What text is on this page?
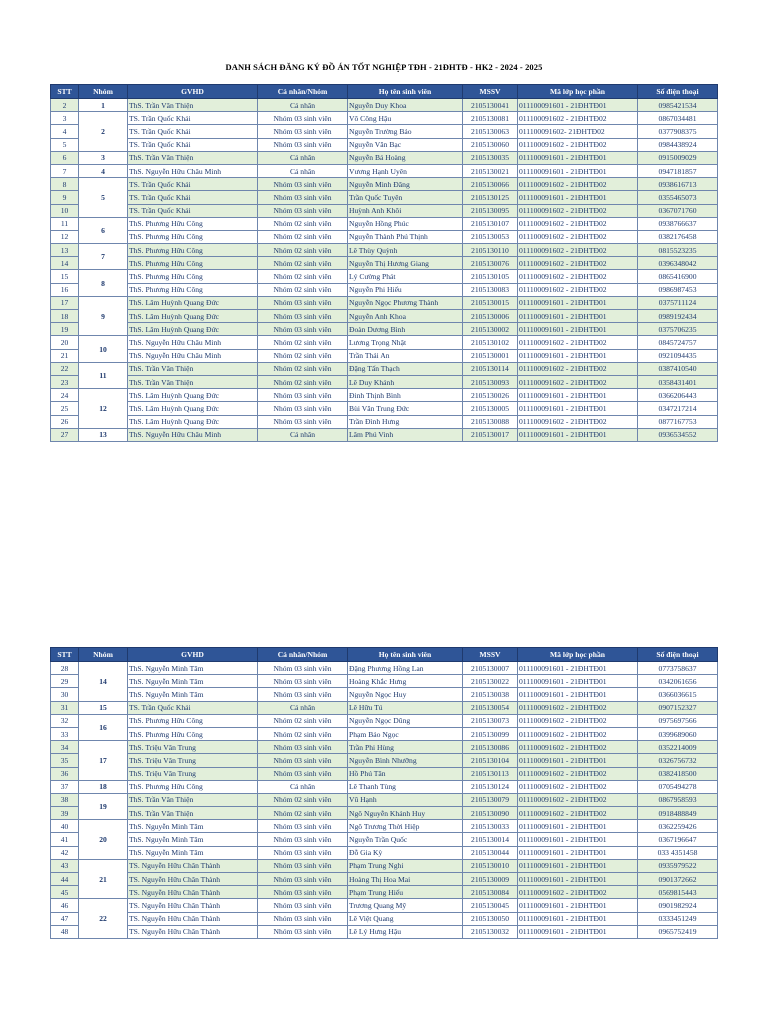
DANH SÁCH ĐĂNG KÝ ĐỒ ÁN TỐT NGHIỆP TĐH - 21ĐHTĐ - HK2 - 2024 - 2025
STT	Nhóm	GVHD	Cá nhân/Nhóm	Họ tên sinh viên	MSSV	Mã lớp học phần	Số điện thoại
2	1	ThS. Trần Văn Thiện	Cá nhân	Nguyễn Duy Khoa	2105130041	011100091601 - 21ĐHTĐ01	0985421534
3	2	TS. Trần Quốc Khải	Nhóm 03 sinh viên	Võ Công Hậu	2105130081	011100091602 - 21ĐHTĐ02	0867034481
4		TS. Trần Quốc Khải	Nhóm 03 sinh viên	Nguyễn Trường Bảo	2105130063	011100091602- 21ĐHTĐ02	0377908375
5		TS. Trần Quốc Khải	Nhóm 03 sinh viên	Nguyễn Văn Bạc	2105130060	011100091602 - 21ĐHTĐ02	0984438924
6	3	ThS. Trần Văn Thiện	Cá nhân	Nguyễn Bá Hoàng	2105130035	011100091601 - 21ĐHTĐ01	0915009029
7	4	ThS. Nguyễn Hữu Châu Minh	Cá nhân	Vương Hạnh Uyên	2105130021	011100091601 - 21ĐHTĐ01	0947181857
8	5	TS. Trần Quốc Khải	Nhóm 03 sinh viên	Nguyễn Minh Đăng	2105130066	011100091602 - 21ĐHTĐ02	0938616713
9		TS. Trần Quốc Khải	Nhóm 03 sinh viên	Trần Quốc Tuyên	2105130125	011100091601 - 21ĐHTĐ01	0355465073
10		TS. Trần Quốc Khải	Nhóm 03 sinh viên	Huỳnh Anh Khôi	2105130095	011100091602 - 21ĐHTĐ02	0367071760
11	6	ThS. Phương Hữu Công	Nhóm 02 sinh viên	Nguyễn Hồng Phúc	2105130107	011100091602 - 21ĐHTĐ02	0938766637
12		ThS. Phương Hữu Công	Nhóm 02 sinh viên	Nguyễn Thành Phú Thịnh	2105130053	011100091602 - 21ĐHTĐ02	0382176458
13	7	ThS. Phương Hữu Công	Nhóm 02 sinh viên	Lê Thùy Quỳnh	2105130110	011100091602 - 21ĐHTĐ02	0815523235
14		ThS. Phương Hữu Công	Nhóm 02 sinh viên	Nguyễn Thị Hương Giang	2105130076	011100091602 - 21ĐHTĐ02	0396348042
15	8	ThS. Phương Hữu Công	Nhóm 02 sinh viên	Lý Cường Phát	2105130105	011100091602 - 21ĐHTĐ02	0865416900
16		ThS. Phương Hữu Công	Nhóm 02 sinh viên	Nguyễn Phi Hiếu	2105130083	011100091602 - 21ĐHTĐ02	0986987453
17	9	ThS. Lâm Huỳnh Quang Đức	Nhóm 03 sinh viên	Nguyễn Ngọc Phương Thành	2105130015	011100091601 - 21ĐHTĐ01	0375711124
18		ThS. Lâm Huỳnh Quang Đức	Nhóm 03 sinh viên	Nguyễn Anh Khoa	2105130006	011100091601 - 21ĐHTĐ01	0989192434
19		ThS. Lâm Huỳnh Quang Đức	Nhóm 03 sinh viên	Đoàn Dương Bình	2105130002	011100091601 - 21ĐHTĐ01	0375706235
20	10	ThS. Nguyễn Hữu Châu Minh	Nhóm 02 sinh viên	Lương Trọng Nhật	2105130102	011100091602 - 21ĐHTĐ02	0845724757
21		ThS. Nguyễn Hữu Châu Minh	Nhóm 02 sinh viên	Trần Thái An	2105130001	011100091601 - 21ĐHTĐ01	0921094435
22	11	ThS. Trần Văn Thiện	Nhóm 02 sinh viên	Đặng Tấn Thạch	2105130114	011100091602 - 21ĐHTĐ02	0387410540
23		ThS. Trần Văn Thiện	Nhóm 02 sinh viên	Lê Duy Khánh	2105130093	011100091602 - 21ĐHTĐ02	0358431401
24	12	ThS. Lâm Huỳnh Quang Đức	Nhóm 03 sinh viên	Đinh Thịnh Bình	2105130026	011100091601 - 21ĐHTĐ01	0366206443
25		ThS. Lâm Huỳnh Quang Đức	Nhóm 03 sinh viên	Bùi Văn Trung Đức	2105130005	011100091601 - 21ĐHTĐ01	0347217214
26		ThS. Lâm Huỳnh Quang Đức	Nhóm 03 sinh viên	Trần Đình Hưng	2105130088	011100091602 - 21ĐHTĐ02	0877167753
27	13	ThS. Nguyễn Hữu Châu Minh	Cá nhân	Lâm Phú Vinh	2105130017	011100091601 - 21ĐHTĐ01	0936534552
STT	Nhóm	GVHD	Cá nhân/Nhóm	Họ tên sinh viên	MSSV	Mã lớp học phần	Số điện thoại
28	14	ThS. Nguyễn Minh Tâm	Nhóm 03 sinh viên	Đặng Phương Hồng Lan	2105130007	011100091601 - 21ĐHTĐ01	0773758637
29		ThS. Nguyễn Minh Tâm	Nhóm 03 sinh viên	Hoàng Khắc Hưng	2105130022	011100091601 - 21ĐHTĐ01	0342061656
30		ThS. Nguyễn Minh Tâm	Nhóm 03 sinh viên	Nguyễn Ngọc Huy	2105130038	011100091601 - 21ĐHTĐ01	0366036615
31	15	TS. Trần Quốc Khải	Cá nhân	Lê Hữu Tú	2105130054	011100091602 - 21ĐHTĐ02	0907152327
32	16	ThS. Phương Hữu Công	Nhóm 02 sinh viên	Nguyễn Ngọc Dũng	2105130073	011100091602 - 21ĐHTĐ02	0975697566
33		ThS. Phương Hữu Công	Nhóm 02 sinh viên	Phạm Bảo Ngọc	2105130099	011100091602 - 21ĐHTĐ02	0399689060
34	17	ThS. Triệu Văn Trung	Nhóm 03 sinh viên	Trần Phi Hùng	2105130086	011100091602 - 21ĐHTĐ02	0352214009
35		ThS. Triệu Văn Trung	Nhóm 03 sinh viên	Nguyễn Bình Nhưỡng	2105130104	011100091601 - 21ĐHTĐ01	0326756732
36		ThS. Triệu Văn Trung	Nhóm 03 sinh viên	Hồ Phú Tân	2105130113	011100091602 - 21ĐHTĐ02	0382418500
37	18	ThS. Phương Hữu Công	Cá nhân	Lê Thanh Tùng	2105130124	011100091602 - 21ĐHTĐ02	0705494278
38	19	ThS. Trần Văn Thiện	Nhóm 02 sinh viên	Vũ Hạnh	2105130079	011100091602 - 21ĐHTĐ02	0867958593
39		ThS. Trần Văn Thiện	Nhóm 02 sinh viên	Ngô Nguyễn Khánh Huy	2105130090	011100091602 - 21ĐHTĐ02	0918488849
40	20	ThS. Nguyễn Minh Tâm	Nhóm 03 sinh viên	Ngô Trương Thời Hiệp	2105130033	011100091601 - 21ĐHTĐ01	0362259426
41		ThS. Nguyễn Minh Tâm	Nhóm 03 sinh viên	Nguyễn Trần Quốc	2105130014	011100091601 - 21ĐHTĐ01	0367196647
42		ThS. Nguyễn Minh Tâm	Nhóm 03 sinh viên	Đỗ Gia Kỳ	2105130044	011100091601 - 21ĐHTĐ01	033 4351458
43	21	TS. Nguyễn Hữu Chân Thành	Nhóm 03 sinh viên	Phạm Trung Nghi	2105130010	011100091601 - 21ĐHTĐ01	0935979522
44		TS. Nguyễn Hữu Chân Thành	Nhóm 03 sinh viên	Hoàng Thị Hoa Mai	2105130009	011100091601 - 21ĐHTĐ01	0901372662
45		TS. Nguyễn Hữu Chân Thành	Nhóm 03 sinh viên	Phạm Trung Hiếu	2105130084	011100091602 - 21ĐHTĐ02	0569815443
46	22	TS. Nguyễn Hữu Chân Thành	Nhóm 03 sinh viên	Trương Quang Mỹ	2105130045	011100091601 - 21ĐHTĐ01	0901982924
47		TS. Nguyễn Hữu Chân Thành	Nhóm 03 sinh viên	Lê Việt Quang	2105130050	011100091601 - 21ĐHTĐ01	0333451249
48		TS. Nguyễn Hữu Chân Thành	Nhóm 03 sinh viên	Lê Lý Hưng Hậu	2105130032	011100091601 - 21ĐHTĐ01	0965752419
